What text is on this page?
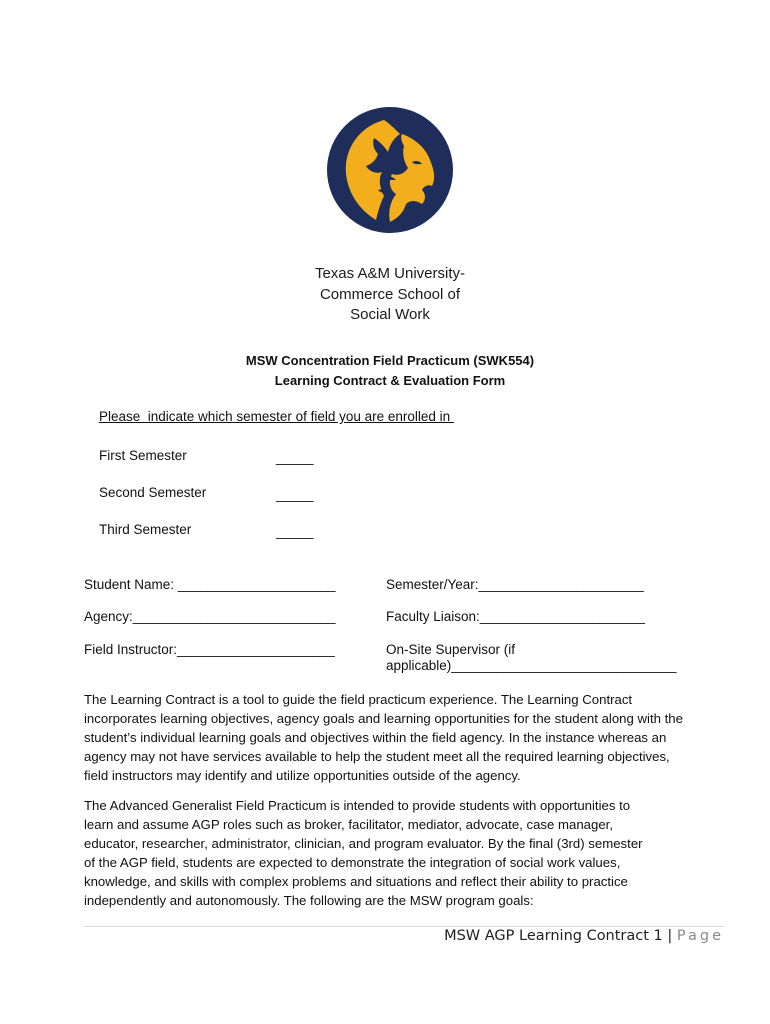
Texas A&M University-
Commerce School of
Social Work
MSW Concentration Field Practicum (SWK554)
Learning Contract & Evaluation Form
Please  indicate which semester of field you are enrolled in
First Semester	_____
Second Semester	_____
Third Semester	_____
Student Name: _____________________	Semester/Year:______________________
Agency:___________________________	Faculty Liaison:______________________
Field Instructor:_____________________	On-Site Supervisor (if applicable)______________________________
The Learning Contract is a tool to guide the field practicum experience. The Learning Contract
incorporates learning objectives, agency goals and learning opportunities for the student along with the
student’s individual learning goals and objectives within the field agency. In the instance whereas an
agency may not have services available to help the student meet all the required learning objectives,
field instructors may identify and utilize opportunities outside of the agency.
The Advanced Generalist Field Practicum is intended to provide students with opportunities to
learn and assume AGP roles such as broker, facilitator, mediator, advocate, case manager,
educator, researcher, administrator, clinician, and program evaluator. By the final (3rd) semester
of the AGP field, students are expected to demonstrate the integration of social work values,
knowledge, and skills with complex problems and situations and reflect their ability to practice
independently and autonomously. The following are the MSW program goals:
MSW AGP Learning Contract 1 | Page
